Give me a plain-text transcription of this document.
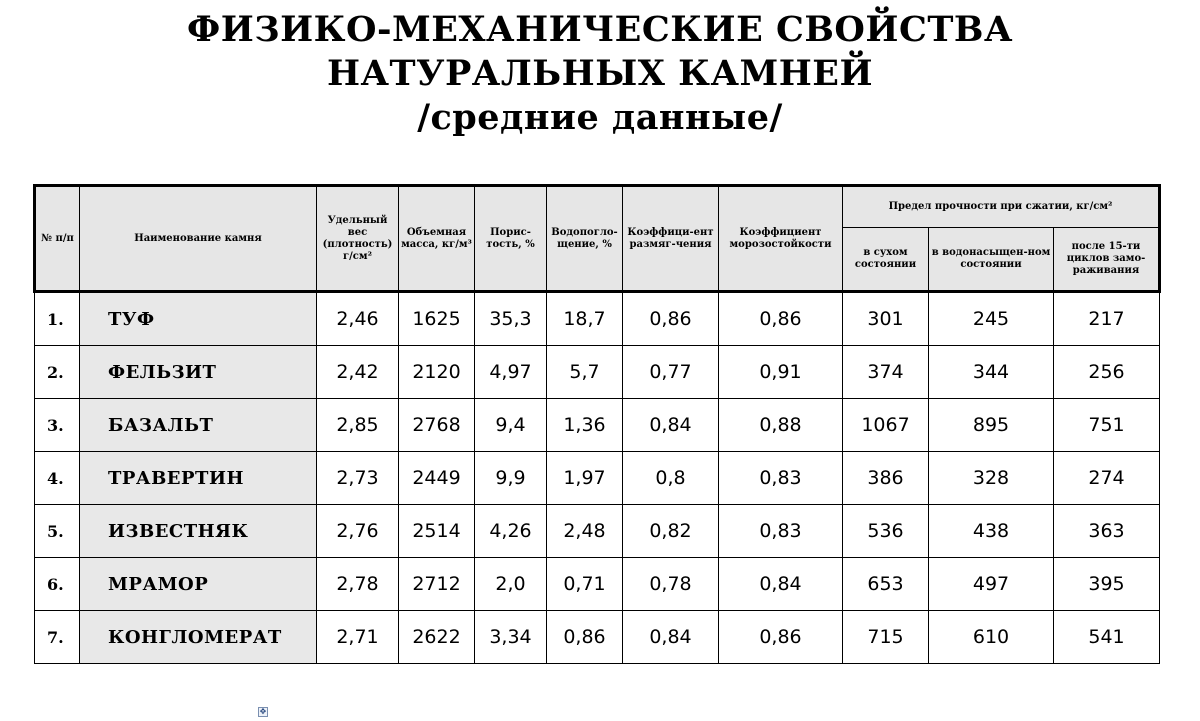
ФИЗИКО-МЕХАНИЧЕСКИЕ СВОЙСТВА
НАТУРАЛЬНЫХ КАМНЕЙ
/средние данные/
№ п/п	Наименование камня	Удельный вес (плотность) г/см²	Объемная масса, кг/м³	Порис-тость, %	Водопогло-щение, %	Коэффици-ент размяг-чения	Коэффициент морозостойкости	Предел прочности при сжатии, кг/см²		
								в сухом состоянии	в водонасыщен-ном состоянии	после 15-ти циклов замо-раживания
1.	ТУФ	2,46	1625	35,3	18,7	0,86	0,86	301	245	217
2.	ФЕЛЬЗИТ	2,42	2120	4,97	5,7	0,77	0,91	374	344	256
3.	БАЗАЛЬТ	2,85	2768	9,4	1,36	0,84	0,88	1067	895	751
4.	ТРАВЕРТИН	2,73	2449	9,9	1,97	0,8	0,83	386	328	274
5.	ИЗВЕСТНЯК	2,76	2514	4,26	2,48	0,82	0,83	536	438	363
6.	МРАМОР	2,78	2712	2,0	0,71	0,78	0,84	653	497	395
7.	КОНГЛОМЕРАТ	2,71	2622	3,34	0,86	0,84	0,86	715	610	541
✥
